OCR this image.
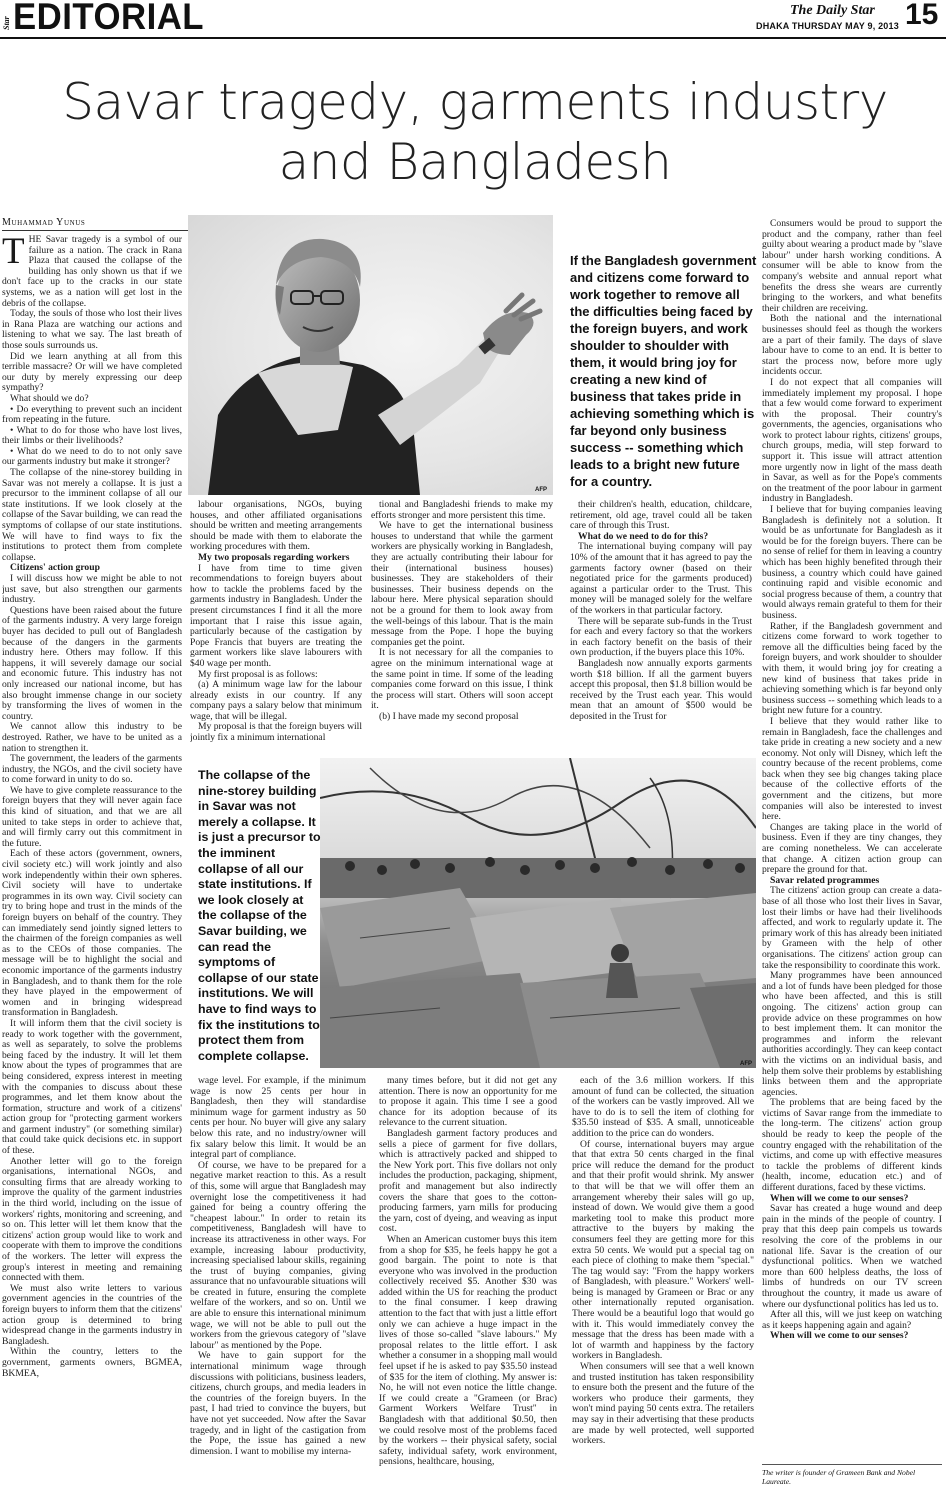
Star EDITORIAL	The Daily Star
DHAKA THURSDAY MAY 9, 2013 15
Savar tragedy, garments industry and Bangladesh
Muhammad Yunus
T HE Savar tragedy is a symbol of our failure as a nation. The crack in Rana Plaza that caused the collapse of the building has only shown us that if we don't face up to the cracks in our state systems, we as a nation will get lost in the debris of the collapse.

Today, the souls of those who lost their lives in Rana Plaza are watching our actions and listening to what we say. The last breath of those souls surrounds us.

Did we learn anything at all from this terrible massacre? Or will we have completed our duty by merely expressing our deep sympathy?

What should we do?

• Do everything to prevent such an incident from repeating in the future.

• What to do for those who have lost lives, their limbs or their livelihoods?

• What do we need to do to not only save our garments industry but make it stronger?

The collapse of the nine-storey building in Savar was not merely a collapse. It is just a precursor to the imminent collapse of all our state institutions. If we look closely at the collapse of the Savar building, we can read the symptoms of collapse of our state institutions. We will have to find ways to fix the institutions to protect them from complete collapse.

Citizens' action group

I will discuss how we might be able to not just save, but also strengthen our garments industry.

Questions have been raised about the future of the garments industry. A very large foreign buyer has decided to pull out of Bangladesh because of the dangers in the garments industry here. Others may follow. If this happens, it will severely damage our social and economic future. This industry has not only increased our national income, but has also brought immense change in our society by transforming the lives of women in the country.

We cannot allow this industry to be destroyed. Rather, we have to be united as a nation to strengthen it.

The government, the leaders of the garments industry, the NGOs, and the civil society have to come forward in unity to do so.

We have to give complete reassurance to the foreign buyers that they will never again face this kind of situation, and that we are all united to take steps in order to achieve that, and will firmly carry out this commitment in the future.

Each of these actors (government, owners, civil society etc.) will work jointly and also work independently within their own spheres. Civil society will have to undertake programmes in its own way. Civil society can try to bring hope and trust in the minds of the foreign buyers on behalf of the country. They can immediately send jointly signed letters to the chairmen of the foreign companies as well as to the CEOs of those companies. The message will be to highlight the social and economic importance of the garments industry in Bangladesh, and to thank them for the role they have played in the empowerment of women and in bringing widespread transformation in Bangladesh.

It will inform them that the civil society is ready to work together with the government, as well as separately, to solve the problems being faced by the industry. It will let them know about the types of programmes that are being considered, express interest in meeting with the companies to discuss about these programmes, and let them know about the formation, structure and work of a citizens' action group for "protecting garment workers and garment industry" (or something similar) that could take quick decisions etc. in support of these.

Another letter will go to the foreign organisations, international NGOs, and consulting firms that are already working to improve the quality of the garment industries in the third world, including on the issue of workers' rights, monitoring and screening, and so on. This letter will let them know that the citizens' action group would like to work and cooperate with them to improve the conditions of the workers. The letter will express the group's interest in meeting and remaining connected with them.

We must also write letters to various government agencies in the countries of the foreign buyers to inform them that the citizens' action group is determined to bring widespread change in the garments industry in Bangladesh.

Within the country, letters to the government, garments owners, BGMEA, BKMEA,

AFP
If the Bangladesh government and citizens come forward to work together to remove all the difficulties being faced by the foreign buyers, and work shoulder to shoulder with them, it would bring joy for creating a new kind of business that takes pride in achieving something which is far beyond only business success -- something which leads to a bright new future for a country.

labour organisations, NGOs, buying houses, and other affiliated organisations should be written and meeting arrangements should be made with them to elaborate the working procedures with them.

My two proposals regarding workers

I have from time to time given recommendations to foreign buyers about how to tackle the problems faced by the garments industry in Bangladesh. Under the present circumstances I find it all the more important that I raise this issue again, particularly because of the castigation by Pope Francis that buyers are treating the garment workers like slave labourers with $40 wage per month.

My first proposal is as follows:

(a) A minimum wage law for the labour already exists in our country. If any company pays a salary below that minimum wage, that will be illegal.

My proposal is that the foreign buyers will jointly fix a minimum international

tional and Bangladeshi friends to make my efforts stronger and more persistent this time.

We have to get the international business houses to understand that while the garment workers are physically working in Bangladesh, they are actually contributing their labour for their (international business houses) businesses. They are stakeholders of their businesses. Their business depends on the labour here. Mere physical separation should not be a ground for them to look away from the well-beings of this labour. That is the main message from the Pope. I hope the buying companies get the point.

It is not necessary for all the companies to agree on the minimum international wage at the same point in time. If some of the leading companies come forward on this issue, I think the process will start. Others will soon accept it.

(b) I have made my second proposal

their children's health, education, childcare, retirement, old age, travel could all be taken care of through this Trust.

What do we need to do for this?

The international buying company will pay 10% of the amount that it has agreed to pay the garments factory owner (based on their negotiated price for the garments produced) against a particular order to the Trust. This money will be managed solely for the welfare of the workers in that particular factory.

There will be separate sub-funds in the Trust for each and every factory so that the workers in each factory benefit on the basis of their own production, if the buyers place this 10%.

Bangladesh now annually exports garments worth $18 billion. If all the garment buyers accept this proposal, then $1.8 billion would be received by the Trust each year. This would mean that an amount of $500 would be deposited in the Trust for

Consumers would be proud to support the product and the company, rather than feel guilty about wearing a product made by "slave labour" under harsh working conditions. A consumer will be able to know from the company's website and annual report what benefits the dress she wears are currently bringing to the workers, and what benefits their children are receiving.

Both the national and the international businesses should feel as though the workers are a part of their family. The days of slave labour have to come to an end. It is better to start the process now, before more ugly incidents occur.

I do not expect that all companies will immediately implement my proposal. I hope that a few would come forward to experiment with the proposal. Their country's governments, the agencies, organisations who work to protect labour rights, citizens' groups, church groups, media, will step forward to support it. This issue will attract attention more urgently now in light of the mass death in Savar, as well as for the Pope's comments on the treatment of the poor labour in garment industry in Bangladesh.

I believe that for buying companies leaving Bangladesh is definitely not a solution. It would be as unfortunate for Bangladesh as it would be for the foreign buyers. There can be no sense of relief for them in leaving a country which has been highly benefited through their business, a country which could have gained continuing rapid and visible economic and social progress because of them, a country that would always remain grateful to them for their business.

Rather, if the Bangladesh government and citizens come forward to work together to remove all the difficulties being faced by the foreign buyers, and work shoulder to shoulder with them, it would bring joy for creating a new kind of business that takes pride in achieving something which is far beyond only business success -- something which leads to a bright new future for a country.

I believe that they would rather like to remain in Bangladesh, face the challenges and take pride in creating a new society and a new economy. Not only will Disney, which left the country because of the recent problems, come back when they see big changes taking place because of the collective efforts of the government and the citizens, but more companies will also be interested to invest here.

Changes are taking place in the world of business. Even if they are tiny changes, they are coming nonetheless. We can accelerate that change. A citizen action group can prepare the ground for that.

Savar related programmes

The citizens' action group can create a data-base of all those who lost their lives in Savar, lost their limbs or have had their livelihoods affected, and work to regularly update it. The primary work of this has already been initiated by Grameen with the help of other organisations. The citizens' action group can take the responsibility to coordinate this work.

Many programmes have been announced and a lot of funds have been pledged for those who have been affected, and this is still ongoing. The citizens' action group can provide advice on these programmes on how to best implement them. It can monitor the programmes and inform the relevant authorities accordingly. They can keep contact with the victims on an individual basis, and help them solve their problems by establishing links between them and the appropriate agencies.

The problems that are being faced by the victims of Savar range from the immediate to the long-term. The citizens' action group should be ready to keep the people of the country engaged with the rehabilitation of the victims, and come up with effective measures to tackle the problems of different kinds (health, income, education etc.) and of different durations, faced by these victims.

When will we come to our senses?

Savar has created a huge wound and deep pain in the minds of the people of country. I pray that this deep pain compels us towards resolving the core of the problems in our national life. Savar is the creation of our dysfunctional politics. When we watched more than 600 helpless deaths, the loss of limbs of hundreds on our TV screen throughout the country, it made us aware of where our dysfunctional politics has led us to.

After all this, will we just keep on watching as it keeps happening again and again?

When will we come to our senses?

AFP
The collapse of the nine-storey building in Savar was not merely a collapse. It is just a precursor to the imminent collapse of all our state institutions. If we look closely at the collapse of the Savar building, we can read the symptoms of collapse of our state institutions. We will have to find ways to fix the institutions to protect them from complete collapse.

wage level. For example, if the minimum wage is now 25 cents per hour in Bangladesh, then they will standardise minimum wage for garment industry as 50 cents per hour. No buyer will give any salary below this rate, and no industry/owner will fix salary below this limit. It would be an integral part of compliance.

Of course, we have to be prepared for a negative market reaction to this. As a result of this, some will argue that Bangladesh may overnight lose the competitiveness it had gained for being a country offering the "cheapest labour." In order to retain its competitiveness, Bangladesh will have to increase its attractiveness in other ways. For example, increasing labour productivity, increasing specialised labour skills, regaining the trust of buying companies, giving assurance that no unfavourable situations will be created in future, ensuring the complete welfare of the workers, and so on. Until we are able to ensure this international minimum wage, we will not be able to pull out the workers from the grievous category of "slave labour" as mentioned by the Pope.

We have to gain support for the international minimum wage through discussions with politicians, business leaders, citizens, church groups, and media leaders in the countries of the foreign buyers. In the past, I had tried to convince the buyers, but have not yet succeeded. Now after the Savar tragedy, and in light of the castigation from the Pope, the issue has gained a new dimension. I want to mobilise my interna-

many times before, but it did not get any attention. There is now an opportunity for me to propose it again. This time I see a good chance for its adoption because of its relevance to the current situation.

Bangladesh garment factory produces and sells a piece of garment for five dollars, which is attractively packed and shipped to the New York port. This five dollars not only includes the production, packaging, shipment, profit and management but also indirectly covers the share that goes to the cotton-producing farmers, yarn mills for producing the yarn, cost of dyeing, and weaving as input cost.

When an American customer buys this item from a shop for $35, he feels happy he got a good bargain. The point to note is that everyone who was involved in the production collectively received $5. Another $30 was added within the US for reaching the product to the final consumer. I keep drawing attention to the fact that with just a little effort only we can achieve a huge impact in the lives of those so-called "slave labours." My proposal relates to the little effort. I ask whether a consumer in a shopping mall would feel upset if he is asked to pay $35.50 instead of $35 for the item of clothing. My answer is: No, he will not even notice the little change. If we could create a "Grameen (or Brac) Garment Workers Welfare Trust" in Bangladesh with that additional $0.50, then we could resolve most of the problems faced by the workers -- their physical safety, social safety, individual safety, work environment, pensions, healthcare, housing,

each of the 3.6 million workers. If this amount of fund can be collected, the situation of the workers can be vastly improved. All we have to do is to sell the item of clothing for $35.50 instead of $35. A small, unnoticeable addition to the price can do wonders.

Of course, international buyers may argue that that extra 50 cents charged in the final price will reduce the demand for the product and that their profit would shrink. My answer to that will be that we will offer them an arrangement whereby their sales will go up, instead of down. We would give them a good marketing tool to make this product more attractive to the buyers by making the consumers feel they are getting more for this extra 50 cents. We would put a special tag on each piece of clothing to make them "special." The tag would say: "From the happy workers of Bangladesh, with pleasure." Workers' well-being is managed by Grameen or Brac or any other internationally reputed organisation. There would be a beautiful logo that would go with it. This would immediately convey the message that the dress has been made with a lot of warmth and happiness by the factory workers in Bangladesh.

When consumers will see that a well known and trusted institution has taken responsibility to ensure both the present and the future of the workers who produce their garments, they won't mind paying 50 cents extra. The retailers may say in their advertising that these products are made by well protected, well supported workers.

The writer is founder of Grameen Bank and Nobel Laureate.
